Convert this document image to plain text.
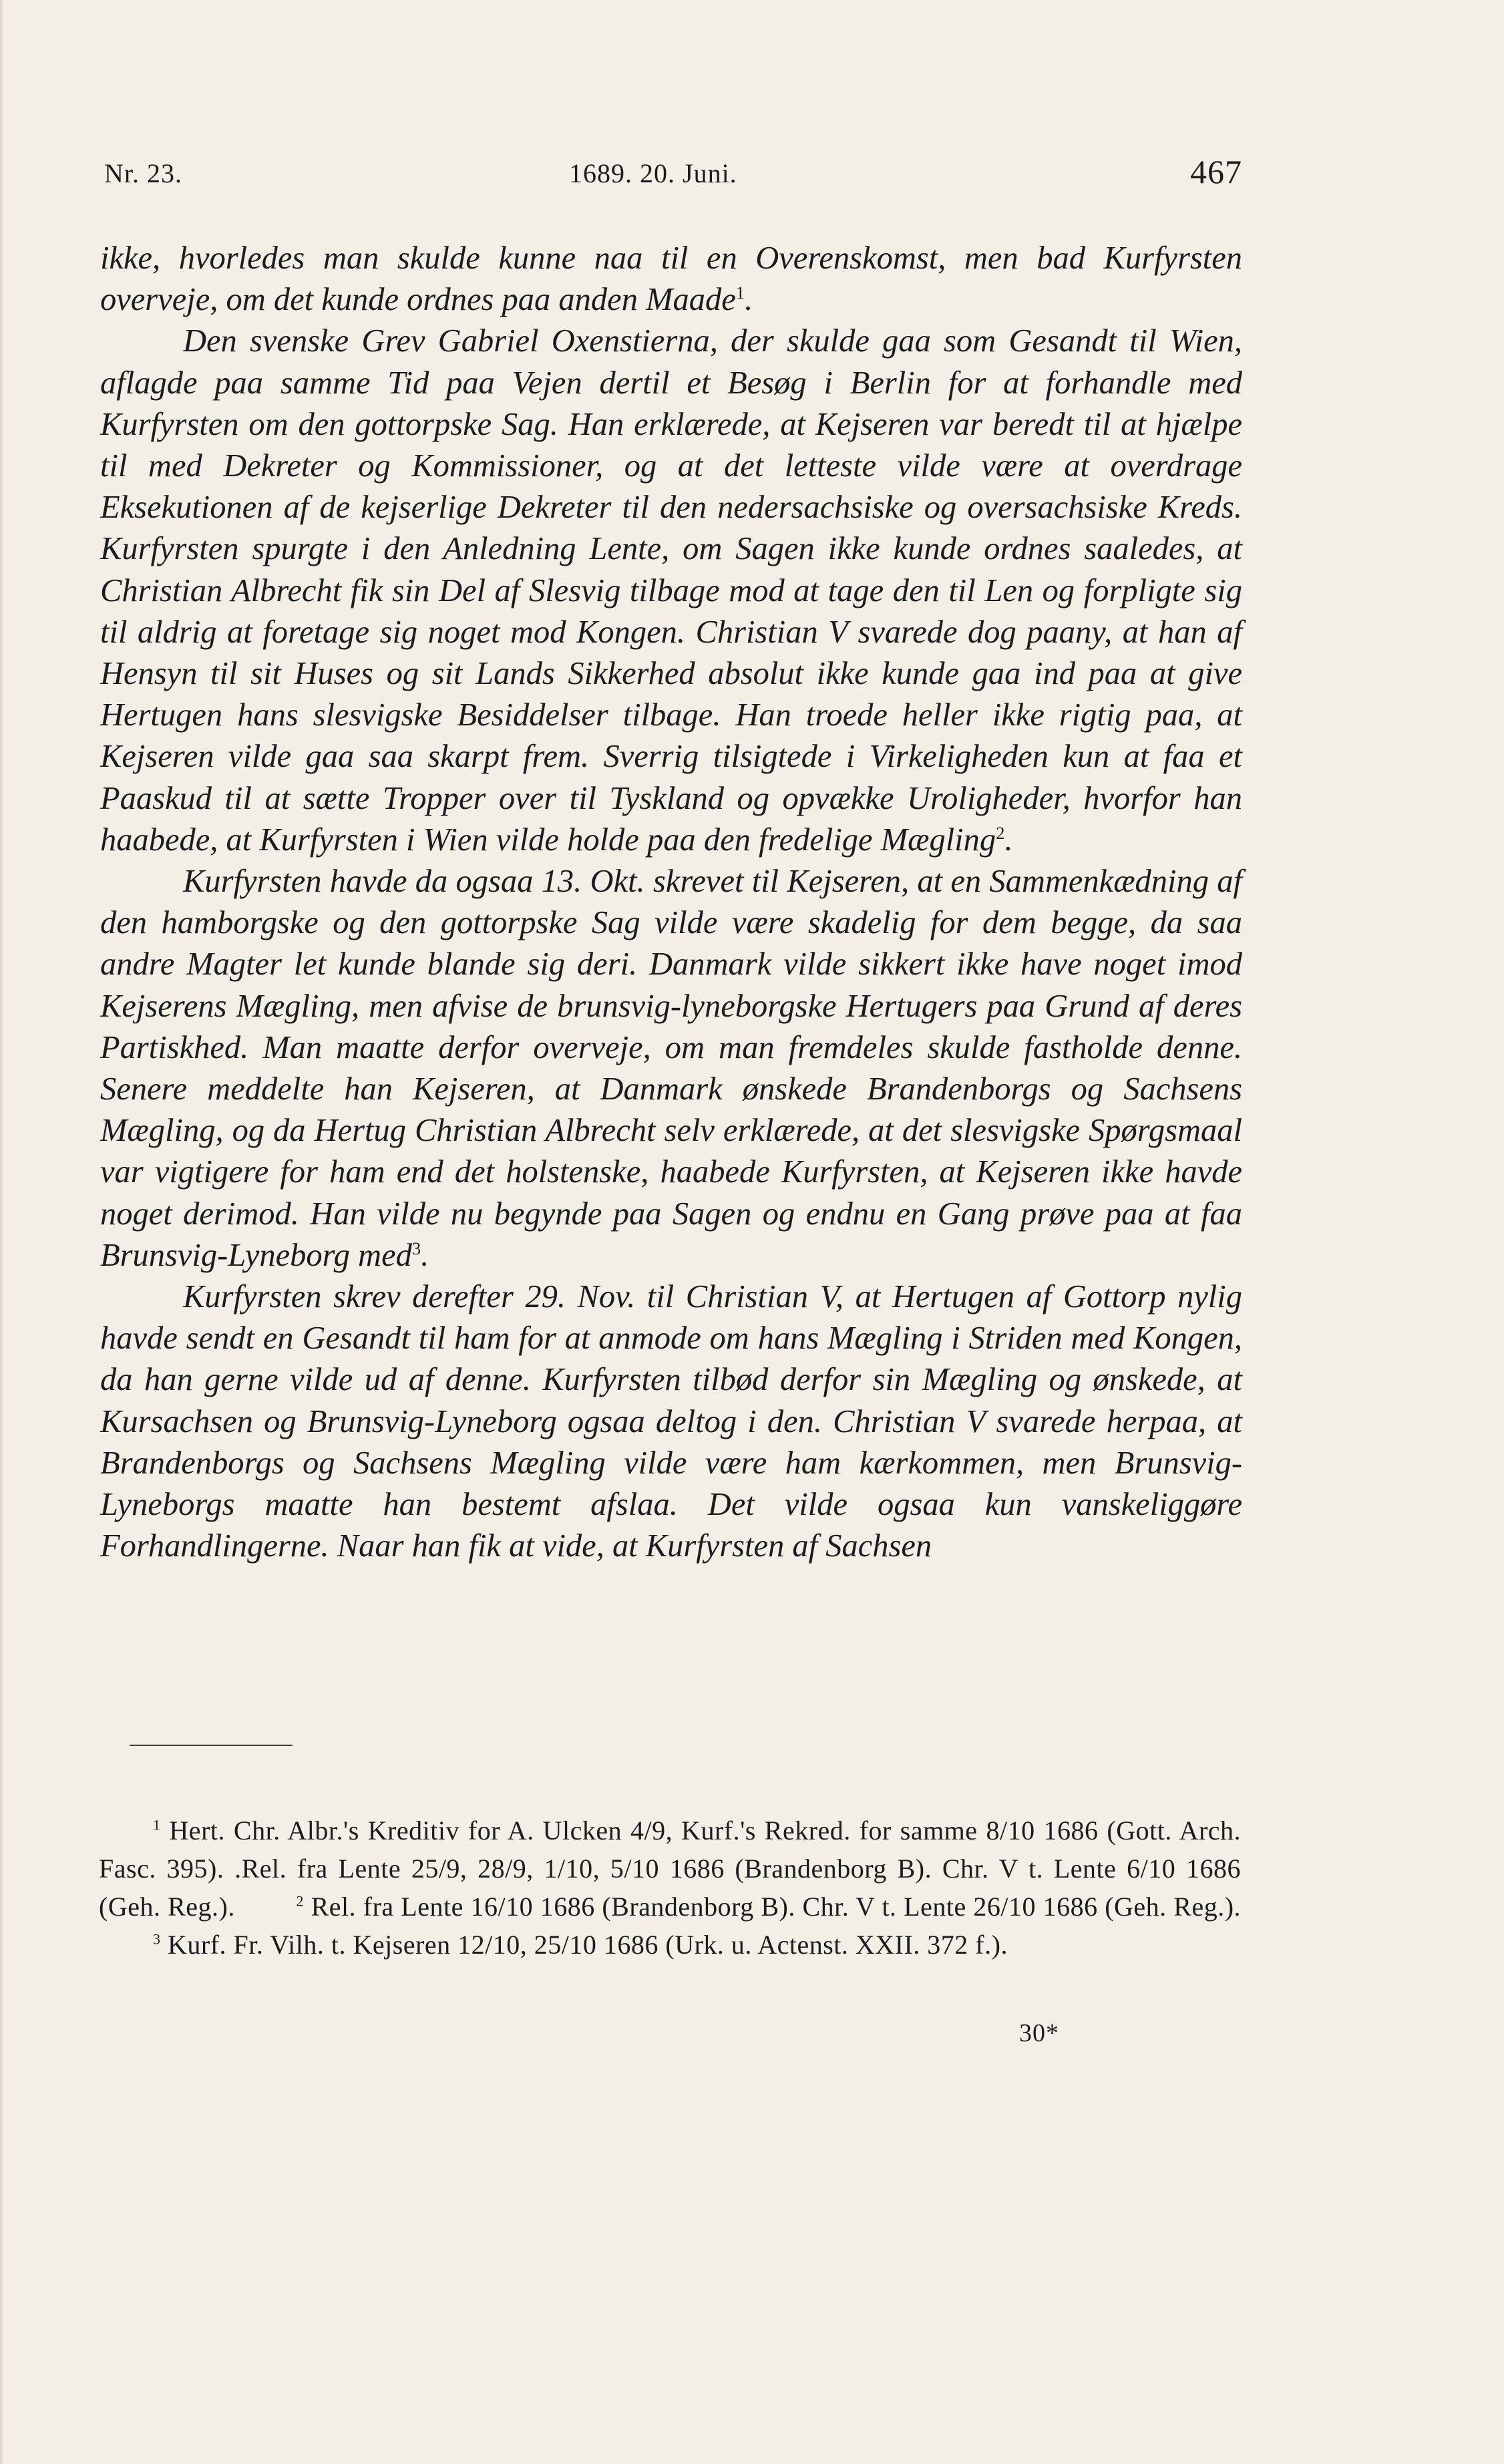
Nr. 23.	1689. 20. Juni.	467

ikke, hvorledes man skulde kunne naa til en Overenskomst, men bad Kurfyrsten overveje, om det kunde ordnes paa anden Maade$^1$.

Den svenske Grev Gabriel Oxenstierna, der skulde gaa som Gesandt til Wien, aflagde paa samme Tid paa Vejen dertil et Besøg i Berlin for at forhandle med Kurfyrsten om den gottorpske Sag. Han erklærede, at Kejseren var beredt til at hjælpe til med Dekreter og Kommissioner, og at det letteste vilde være at overdrage Eksekutionen af de kejserlige Dekreter til den nedersachsiske og oversachsiske Kreds. Kurfyrsten spurgte i den Anledning Lente, om Sagen ikke kunde ordnes saaledes, at Christian Albrecht fik sin Del af Slesvig tilbage mod at tage den til Len og forpligte sig til aldrig at foretage sig noget mod Kongen. Christian V svarede dog paany, at han af Hensyn til sit Huses og sit Lands Sikkerhed absolut ikke kunde gaa ind paa at give Hertugen hans slesvigske Besiddelser tilbage. Han troede heller ikke rigtig paa, at Kejseren vilde gaa saa skarpt frem. Sverrig tilsigtede i Virkeligheden kun at faa et Paaskud til at sætte Tropper over til Tyskland og opvække Uroligheder, hvorfor han haabede, at Kurfyrsten i Wien vilde holde paa den fredelige Mægling$^2$.

Kurfyrsten havde da ogsaa 13. Okt. skrevet til Kejseren, at en Sammenkædning af den hamborgske og den gottorpske Sag vilde være skadelig for dem begge, da saa andre Magter let kunde blande sig deri. Danmark vilde sikkert ikke have noget imod Kejserens Mægling, men afvise de brunsvig-lyneborgske Hertugers paa Grund af deres Partiskhed. Man maatte derfor overveje, om man fremdeles skulde fastholde denne. Senere meddelte han Kejseren, at Danmark ønskede Brandenborgs og Sachsens Mægling, og da Hertug Christian Albrecht selv erklærede, at det slesvigske Spørgsmaal var vigtigere for ham end det holstenske, haabede Kurfyrsten, at Kejseren ikke havde noget derimod. Han vilde nu begynde paa Sagen og endnu en Gang prøve paa at faa Brunsvig-Lyneborg med$^3$.

Kurfyrsten skrev derefter 29. Nov. til Christian V, at Hertugen af Gottorp nylig havde sendt en Gesandt til ham for at anmode om hans Mægling i Striden med Kongen, da han gerne vilde ud af denne. Kurfyrsten tilbød derfor sin Mægling og ønskede, at Kursachsen og Brunsvig-Lyneborg ogsaa deltog i den. Christian V svarede herpaa, at Brandenborgs og Sachsens Mægling vilde være ham kærkommen, men Brunsvig-Lyneborgs maatte han bestemt afslaa. Det vilde ogsaa kun vanskeliggøre Forhandlingerne. Naar han fik at vide, at Kurfyrsten af Sachsen

  $^1$ Hert. Chr. Albr.'s Kreditiv for A. Ulcken 4/9, Kurf.'s Rekred. for samme 8/10 1686 (Gott. Arch. Fasc. 395). .Rel. fra Lente 25/9, 28/9, 1/10, 5/10 1686 (Brandenborg B). Chr. V t. Lente 6/10 1686 (Geh. Reg.).   	$^2$ Rel. fra Lente 16/10 1686 (Brandenborg B). Chr. V t. Lente 26/10 1686 (Geh. Reg.).   $^3$ Kurf. Fr. Vilh. t. Kejseren 12/10, 25/10 1686 (Urk. u. Actenst. XXII. 372 f.).

30*
